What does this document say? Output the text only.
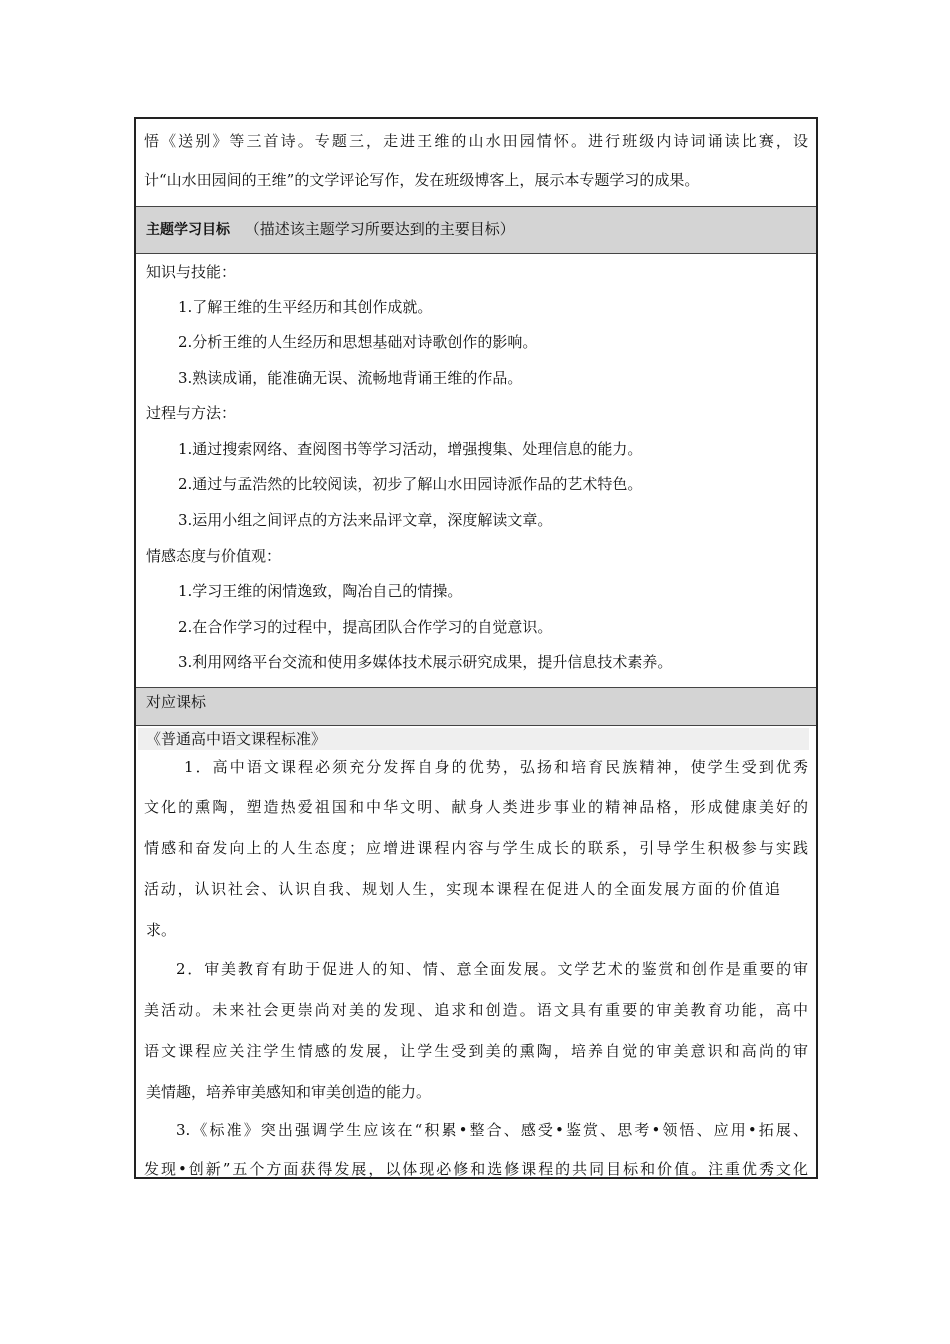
悟《送别》等三首诗。专题三，走进王维的山水田园情怀。进行班级内诗词诵读比赛，设
计“山水田园间的王维”的文学评论写作，发在班级博客上，展示本专题学习的成果。
主题学习目标 （描述该主题学习所要达到的主要目标）
知识与技能：
1.了解王维的生平经历和其创作成就。
2.分析王维的人生经历和思想基础对诗歌创作的影响。
3.熟读成诵，能准确无误、流畅地背诵王维的作品。
过程与方法：
1.通过搜索网络、查阅图书等学习活动，增强搜集、处理信息的能力。
2.通过与孟浩然的比较阅读，初步了解山水田园诗派作品的艺术特色。
3.运用小组之间评点的方法来品评文章，深度解读文章。
情感态度与价值观：
1.学习王维的闲情逸致，陶冶自己的情操。
2.在合作学习的过程中，提高团队合作学习的自觉意识。
3.利用网络平台交流和使用多媒体技术展示研究成果，提升信息技术素养。
对应课标
《普通高中语文课程标准》
1．高中语文课程必须充分发挥自身的优势，弘扬和培育民族精神，使学生受到优秀
文化的熏陶，塑造热爱祖国和中华文明、献身人类进步事业的精神品格，形成健康美好的
情感和奋发向上的人生态度；应增进课程内容与学生成长的联系，引导学生积极参与实践
活动，认识社会、认识自我、规划人生，实现本课程在促进人的全面发展方面的价值追
求。
2．审美教育有助于促进人的知、情、意全面发展。文学艺术的鉴赏和创作是重要的审
美活动。未来社会更崇尚对美的发现、追求和创造。语文具有重要的审美教育功能，高中
语文课程应关注学生情感的发展，让学生受到美的熏陶，培养自觉的审美意识和高尚的审
美情趣，培养审美感知和审美创造的能力。
3.《标准》突出强调学生应该在“积累•整合、感受•鉴赏、思考•领悟、应用•拓展、
发现•创新”五个方面获得发展，以体现必修和选修课程的共同目标和价值。注重优秀文化
